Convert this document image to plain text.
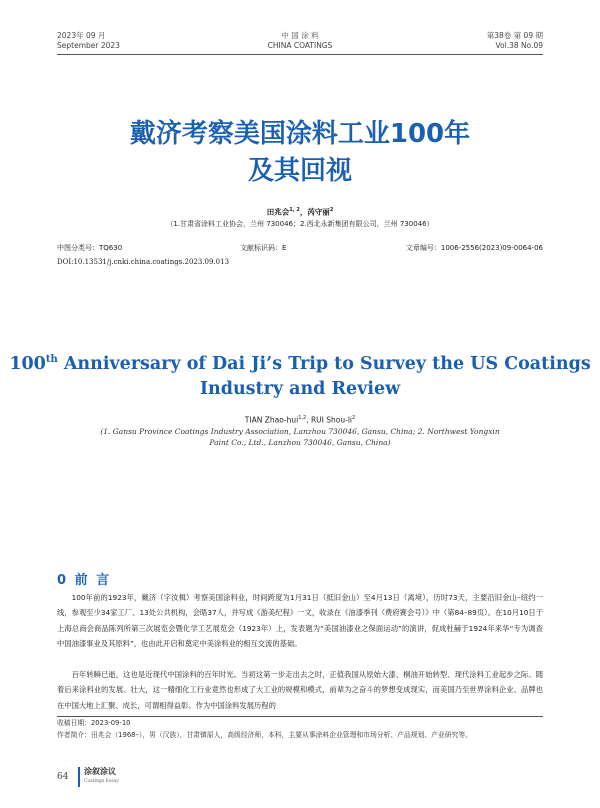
2023年 09 月
September 2023
中 国 涂 料
CHINA COATINGS
第38卷 第 09 期
Vol.38 No.09
戴济考察美国涂料工业100年
及其回视
田兆会$^{1, 2}$，芮守丽$^2$
（1.甘肃省涂料工业协会，兰州 730046；2.西北永新集团有限公司，兰州 730046）
中图分类号：TQ630	文献标识码：E	文章编号：1006-2556(2023)09-0064-06
DOI:10.13531/j.cnki.china.coatings.2023.09.013
100th Anniversary of Dai Ji’s Trip to Survey the US Coatings
Industry and Review
TIAN Zhao-hui$^{1,2}$, RUI Shou-$li^2$
(1. Gansu Province Coatings Industry Association, Lanzhou 730046, Gansu, China; 2. Northwest Yongxin Paint Co., Ltd., Lanzhou 730046, Gansu, China)
0 前 言

100年前的1923年，戴济（字汝楫）考察美国涂料业，时间跨度为1月31日（抵旧金山）至4月13日（离境），历时73天，主要沿旧金山–纽约一线，参观至少34家工厂、13处公共机构，会晤37人，并写成《游美纪程》一文，收录在《油漆季刊（费府赛会号）》中（第84–89页）。在10月10日于上海总商会商品陈列所第三次展览会暨化学工艺展览会（1923年）上，发表题为“美国油漆业之保面运动”的演讲，促成杜赫于1924年来华“专为调查中国油漆事业及其原料”，也由此开启和奠定中美涂料业的相互交流的基础。

百年转瞬已逝，这也是近现代中国涂料的百年时光。当初这第一步走出去之时，正值我国从原始大漆、桐油开始转型、现代涂料工业起步之际。随着后来涂料业的发展、壮大，这一精细化工行业竟然也形成了大工业的规模和模式，前辈为之奋斗的梦想变成现实，而美国乃至世界涂料企业、品牌也在中国大地上汇聚、成长，可谓相得益彰。作为中国涂料发展历程的

收稿日期：2023-09-10
作者简介：田兆会（1968–），男（汉族），甘肃镇原人，高级经济师，本科，主要从事涂料企业管理和市场分析、产品规划、产业研究等。
64
涂叙涂议
Coatings Essay
